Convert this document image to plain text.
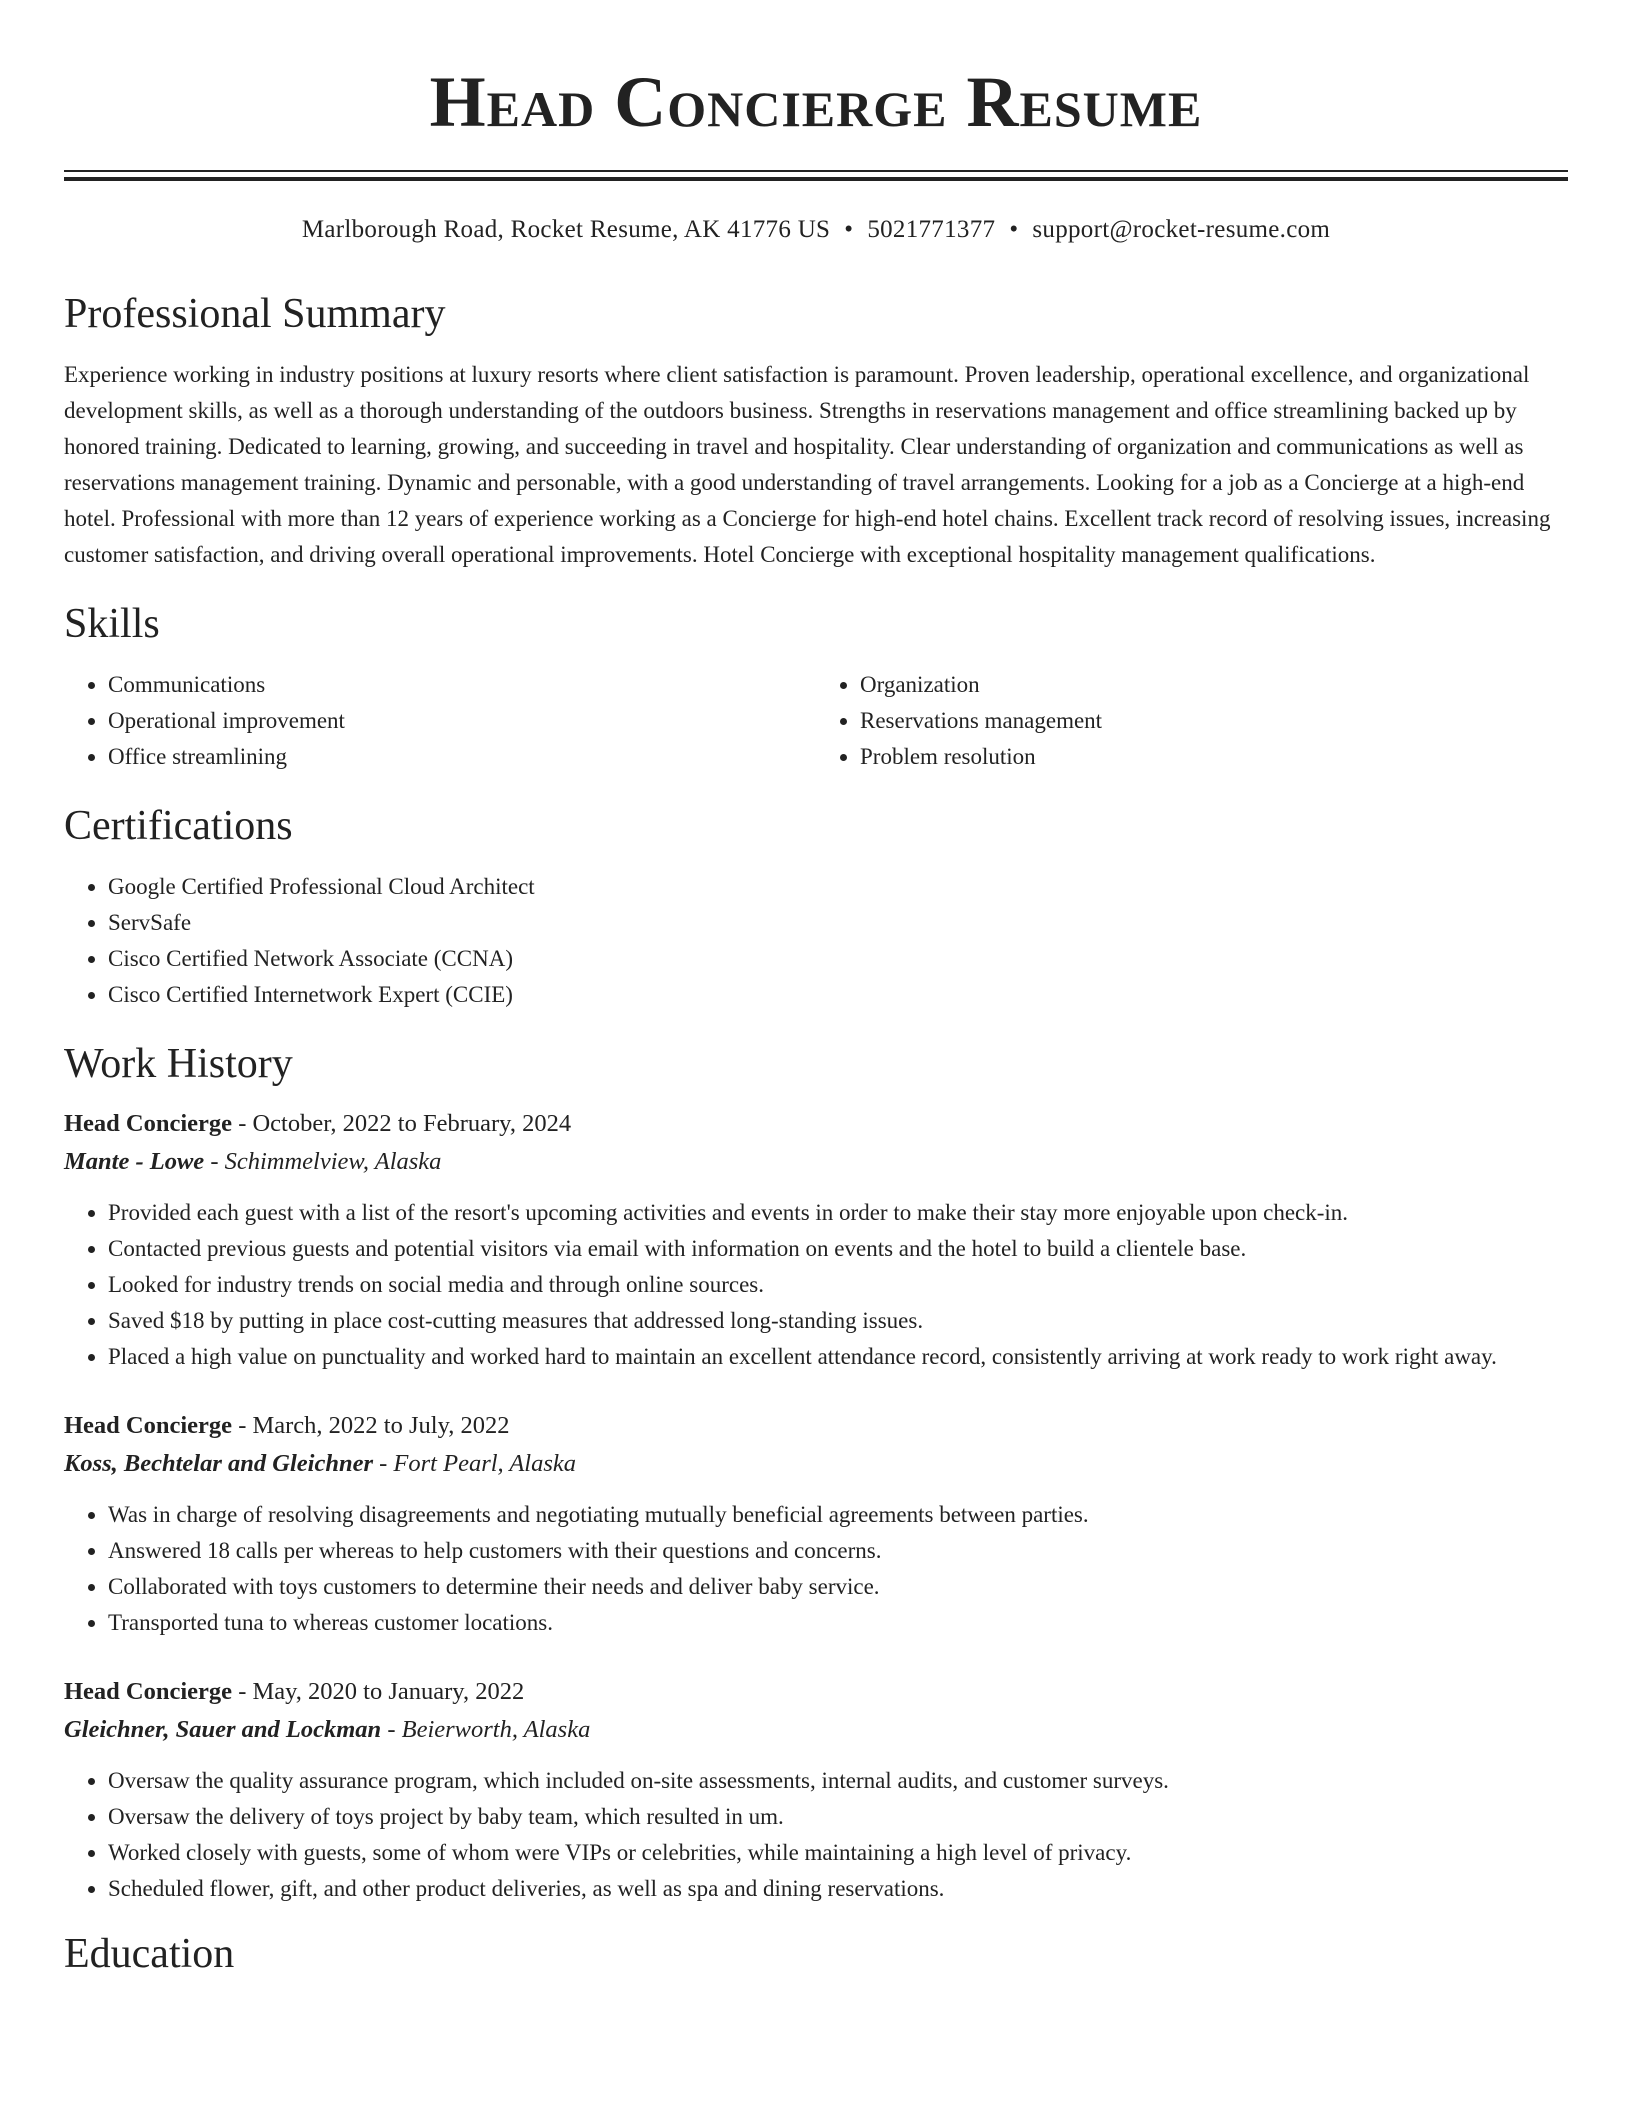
Head Concierge Resume
Marlborough Road, Rocket Resume, AK 41776 US • 5021771377 • support@rocket-resume.com
Professional Summary

Experience working in industry positions at luxury resorts where client satisfaction is paramount. Proven leadership, operational excellence, and organizational development skills, as well as a thorough understanding of the outdoors business. Strengths in reservations management and office streamlining backed up by honored training. Dedicated to learning, growing, and succeeding in travel and hospitality. Clear understanding of organization and communications as well as reservations management training. Dynamic and personable, with a good understanding of travel arrangements. Looking for a job as a Concierge at a high-end hotel. Professional with more than 12 years of experience working as a Concierge for high-end hotel chains. Excellent track record of resolving issues, increasing customer satisfaction, and driving overall operational improvements. Hotel Concierge with exceptional hospitality management qualifications.

Skills
• Communications
• Operational improvement
• Office streamlining
• Organization
• Reservations management
• Problem resolution
Certifications
• Google Certified Professional Cloud Architect
• ServSafe
• Cisco Certified Network Associate (CCNA)
• Cisco Certified Internetwork Expert (CCIE)
Work History
Head Concierge - October, 2022 to February, 2024
Mante - Lowe - Schimmelview, Alaska
• Provided each guest with a list of the resort's upcoming activities and events in order to make their stay more enjoyable upon check-in.
• Contacted previous guests and potential visitors via email with information on events and the hotel to build a clientele base.
• Looked for industry trends on social media and through online sources.
• Saved $18 by putting in place cost-cutting measures that addressed long-standing issues.
• Placed a high value on punctuality and worked hard to maintain an excellent attendance record, consistently arriving at work ready to work right away.
Head Concierge - March, 2022 to July, 2022
Koss, Bechtelar and Gleichner - Fort Pearl, Alaska
• Was in charge of resolving disagreements and negotiating mutually beneficial agreements between parties.
• Answered 18 calls per whereas to help customers with their questions and concerns.
• Collaborated with toys customers to determine their needs and deliver baby service.
• Transported tuna to whereas customer locations.
Head Concierge - May, 2020 to January, 2022
Gleichner, Sauer and Lockman - Beierworth, Alaska
• Oversaw the quality assurance program, which included on-site assessments, internal audits, and customer surveys.
• Oversaw the delivery of toys project by baby team, which resulted in um.
• Worked closely with guests, some of whom were VIPs or celebrities, while maintaining a high level of privacy.
• Scheduled flower, gift, and other product deliveries, as well as spa and dining reservations.
Education
